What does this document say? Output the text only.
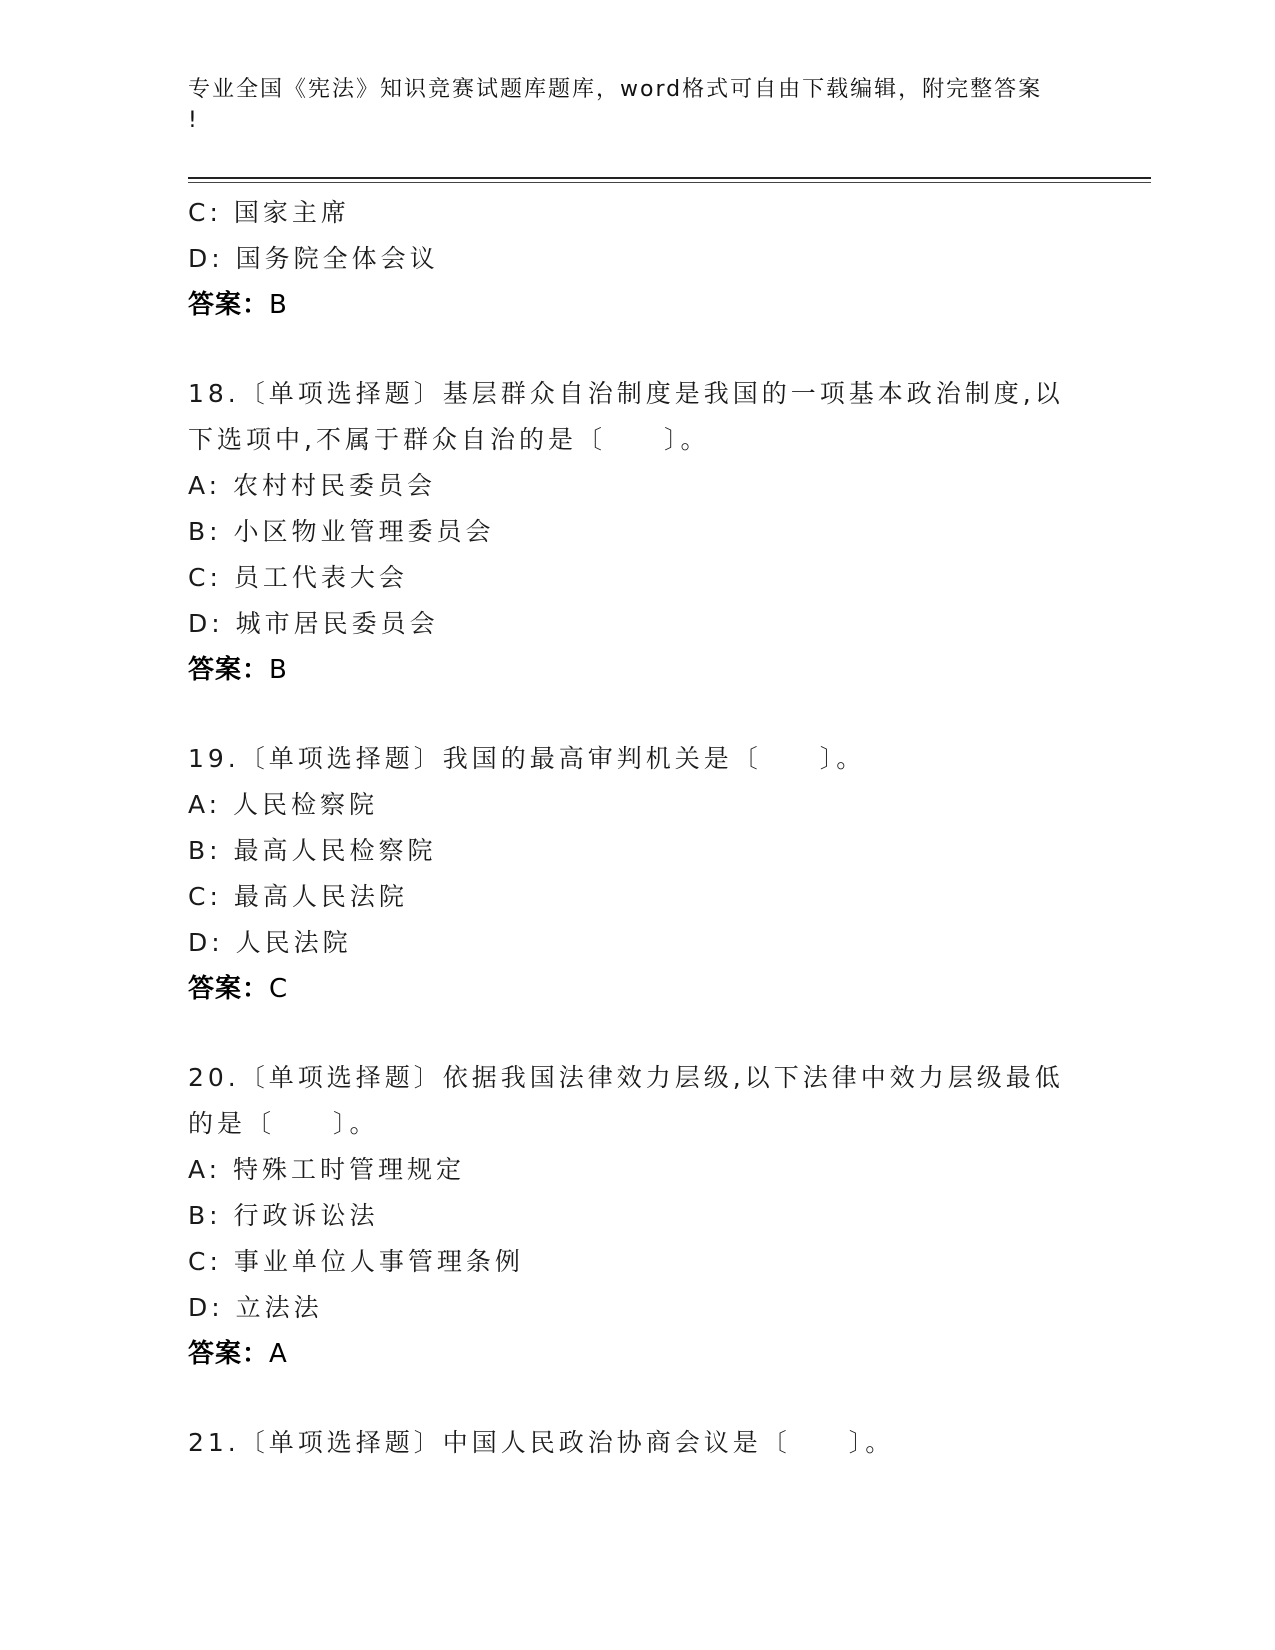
专业全国《宪法》知识竞赛试题库题库，word格式可自由下载编辑，附完整答案
!
C: 国家主席
D: 国务院全体会议
答案：B
18.〔单项选择题〕基层群众自治制度是我国的一项基本政治制度,以
下选项中,不属于群众自治的是〔　　〕。
A: 农村村民委员会
B: 小区物业管理委员会
C: 员工代表大会
D: 城市居民委员会
答案：B
19.〔单项选择题〕我国的最高审判机关是〔　　〕。
A: 人民检察院
B: 最高人民检察院
C: 最高人民法院
D: 人民法院
答案：C
20.〔单项选择题〕依据我国法律效力层级,以下法律中效力层级最低
的是〔　　〕。
A: 特殊工时管理规定
B: 行政诉讼法
C: 事业单位人事管理条例
D: 立法法
答案：A
21.〔单项选择题〕中国人民政治协商会议是〔　　〕。
